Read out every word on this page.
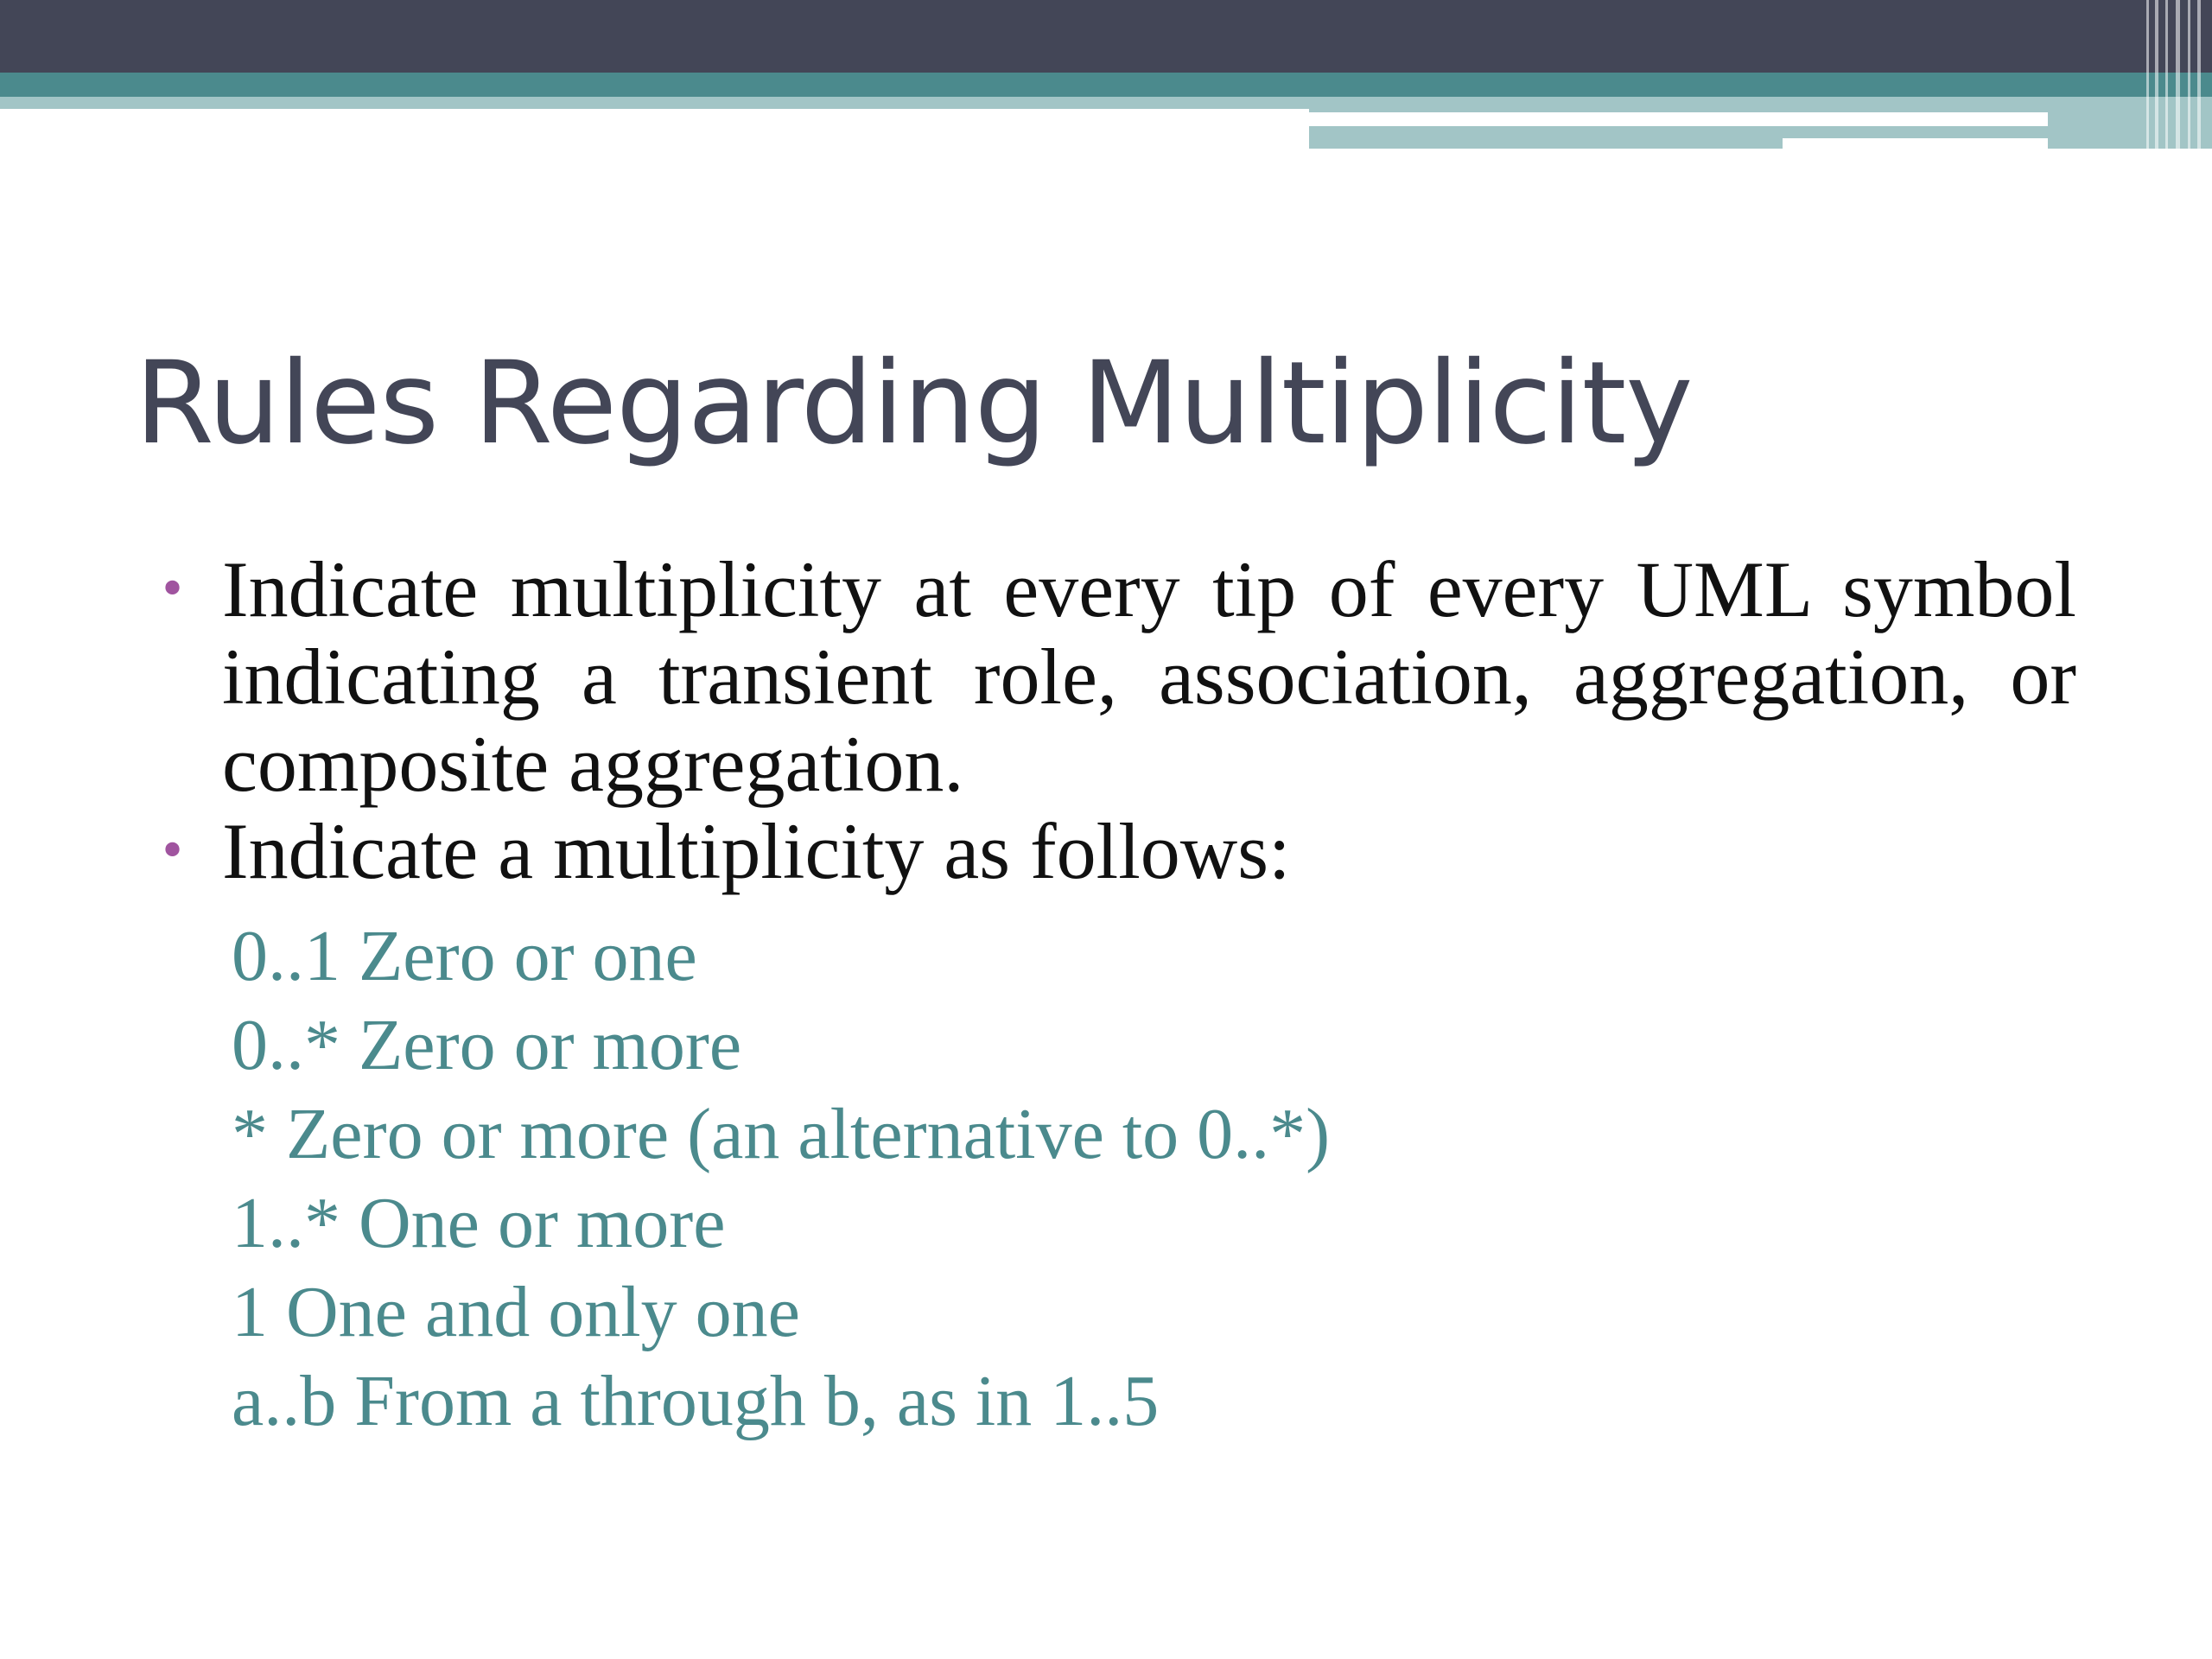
Rules Regarding Multiplicity
• Indicate multiplicity at every tip of every UML symbol indicating a transient role, association, aggregation, or composite aggregation.
• Indicate a multiplicity as follows:
0..1 Zero or one
0..* Zero or more
* Zero or more (an alternative to 0..*)
1..* One or more
1 One and only one
a..b From a through b, as in 1..5
